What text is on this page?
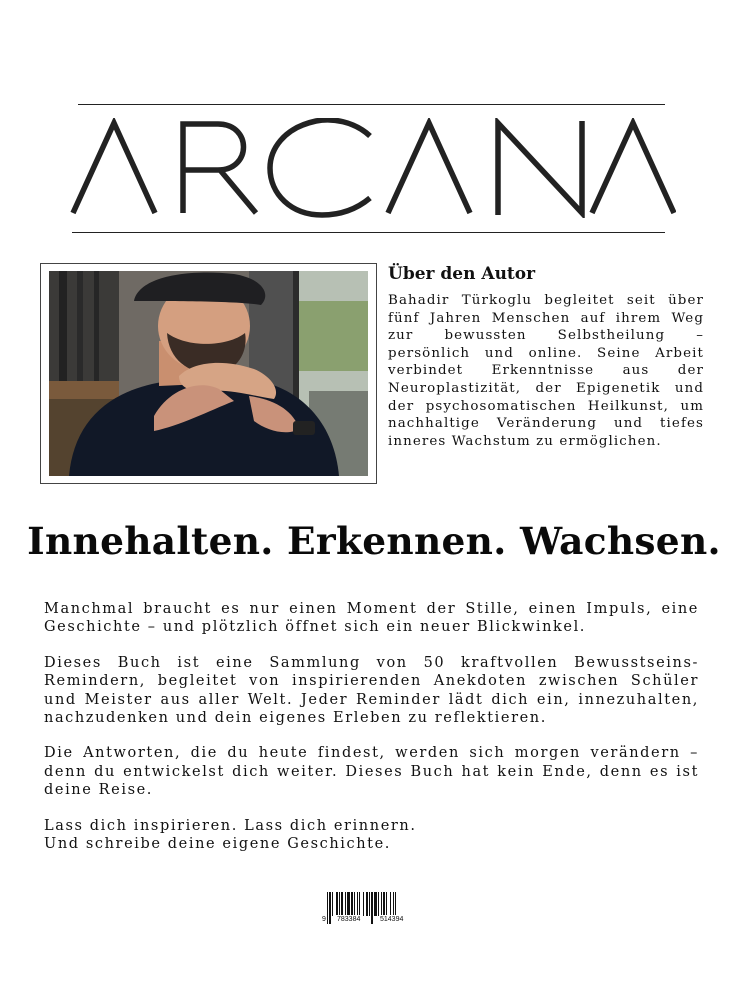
Über den Autor

Bahadir Türkoglu begleitet seit über fünf Jahren Menschen auf ihrem Weg zur bewussten Selbstheilung – persönlich und online. Seine Arbeit verbindet Erkenntnisse aus der Neuroplastizität, der Epigenetik und der psychosomatischen Heilkunst, um nachhaltige Veränderung und tiefes inneres Wachstum zu ermöglichen.

Innehalten. Erkennen. Wachsen.

Manchmal braucht es nur einen Moment der Stille, einen Impuls, eine Geschichte – und plötzlich öffnet sich ein neuer Blickwinkel.

Dieses Buch ist eine Sammlung von 50 kraftvollen Bewusstseins-Remindern, begleitet von inspirierenden Anekdoten zwischen Schüler und Meister aus aller Welt. Jeder Reminder lädt dich ein, innezuhalten, nachzudenken und dein eigenes Erleben zu reflektieren.

Die Antworten, die du heute findest, werden sich morgen verändern – denn du entwickelst dich weiter. Dieses Buch hat kein Ende, denn es ist deine Reise.

Lass dich inspirieren. Lass dich erinnern.
Und schreibe deine eigene Geschichte.

9 783384	514394
